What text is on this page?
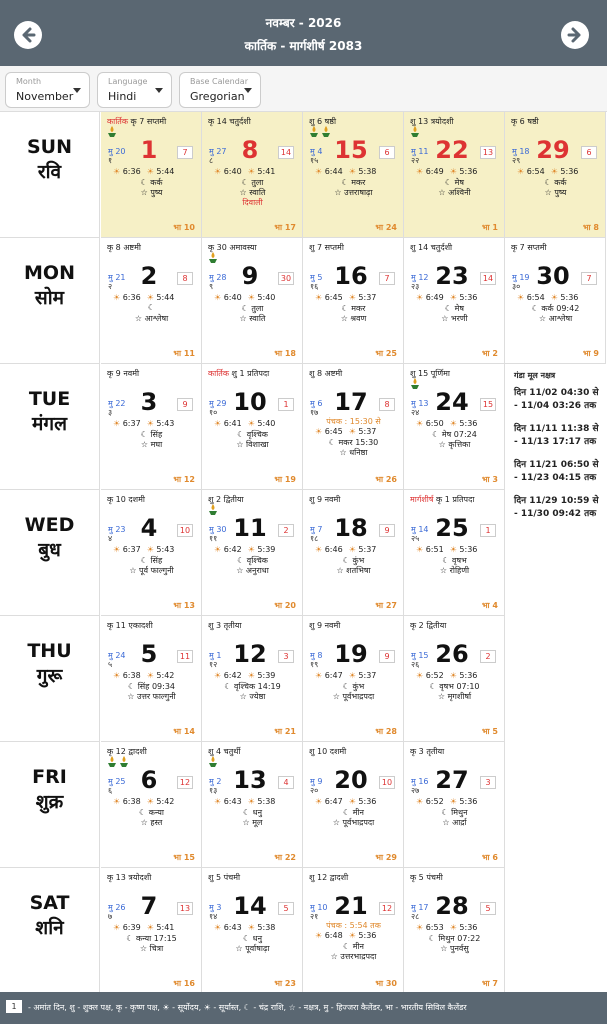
नवम्बर - 2026
कार्तिक - मार्गशीर्ष 2083
Month
November
Language
Hindi
Base Calendar
Gregorian
SUN
रवि
MON
सोम
TUE
मंगल
WED
बुध
THU
गुरू
FRI
शुक्र
SAT
शनि
कार्तिक कृ 7 सप्तमी
मु 20
१	1	7
☀ 6:36 ☀ 5:44
☾ कर्क
☆ पुष्य
भा 10
कृ 14 चतुर्दशी
मु 27
८	8	14
☀ 6:40 ☀ 5:41
☾ तुला
☆ स्वाति
दिवाली
भा 17
शु 6 षष्ठी
मु 4
१५ 15	6
☀ 6:44 ☀ 5:38
☾ मकर
☆ उत्तराषाढ़ा
भा 24
शु 13 त्रयोदशी
मु 11
२२ 22	13
☀ 6:49 ☀ 5:36
☾ मेष
☆ अश्विनी
भा 1
कृ 6 षष्ठी
मु 18
२९ 29	6
☀ 6:54 ☀ 5:36
☾ कर्क
☆ पुष्य
भा 8
कृ 8 अष्टमी
मु 21
२	2	8
☀ 6:36 ☀ 5:44
☾
☆ आश्लेषा
भा 11
कृ 30 अमावस्या
मु 28
९	9	30
☀ 6:40 ☀ 5:40
☾ तुला
☆ स्वाति
भा 18
शु 7 सप्तमी
मु 5
१६ 16	7
☀ 6:45 ☀ 5:37
☾ मकर
☆ श्रवण
भा 25
शु 14 चतुर्दशी
मु 12
२३ 23	14
☀ 6:49 ☀ 5:36
☾ मेष
☆ भरणी
भा 2
कृ 7 सप्तमी
मु 19
३० 30	7
☀ 6:54 ☀ 5:36
☾ कर्क 09:42
☆ आश्लेषा
भा 9
कृ 9 नवमी
मु 22
३	3	9
☀ 6:37 ☀ 5:43
☾ सिंह
☆ मघा
भा 12
कार्तिक शु 1 प्रतिपदा
मु 29
१० 10	1
☀ 6:41 ☀ 5:40
☾ वृश्चिक
☆ विशाखा
भा 19
शु 8 अष्टमी
मु 6
१७ 17	8
पंचक : 15:30 से
☀ 6:45 ☀ 5:37
☾ मकर 15:30
☆ धनिष्ठा
भा 26
शु 15 पूर्णिमा
मु 13
२४ 24	15
☀ 6:50 ☀ 5:36
☾ मेष 07:24
☆ कृत्तिका
भा 3
कृ 10 दशमी
मु 23
४	4	10
☀ 6:37 ☀ 5:43
☾ सिंह
☆ पूर्व फाल्गुनी
भा 13
शु 2 द्वितीया
मु 30
११ 11	2
☀ 6:42 ☀ 5:39
☾ वृश्चिक
☆ अनुराधा
भा 20
शु 9 नवमी
मु 7
१८ 18	9
☀ 6:46 ☀ 5:37
☾ कुंभ
☆ शतभिषा
भा 27
मार्गशीर्ष कृ 1 प्रतिपदा
मु 14
२५ 25	1
☀ 6:51 ☀ 5:36
☾ वृषभ
☆ रोहिणी
भा 4
कृ 11 एकादशी
मु 24
५	5	11
☀ 6:38 ☀ 5:42
☾ सिंह 09:34
☆ उत्तर फाल्गुनी
भा 14
शु 3 तृतीया
मु 1
१२ 12	3
☀ 6:42 ☀ 5:39
☾ वृश्चिक 14:19
☆ ज्येष्ठा
भा 21
शु 9 नवमी
मु 8
१९ 19	9
☀ 6:47 ☀ 5:37
☾ कुंभ
☆ पूर्वभाद्रपदा
भा 28
कृ 2 द्वितीया
मु 15
२६ 26	2
☀ 6:52 ☀ 5:36
☾ वृषभ 07:10
☆ मृगशीर्षा
भा 5
कृ 12 द्वादशी
मु 25
६	6	12
☀ 6:38 ☀ 5:42
☾ कन्या
☆ हस्त
भा 15
शु 4 चतुर्थी
मु 2
१३ 13	4
☀ 6:43 ☀ 5:38
☾ धनु
☆ मूल
भा 22
शु 10 दशमी
मु 9
२० 20	10
☀ 6:47 ☀ 5:36
☾ मीन
☆ पूर्वभाद्रपदा
भा 29
कृ 3 तृतीया
मु 16
२७ 27	3
☀ 6:52 ☀ 5:36
☾ मिथुन
☆ आर्द्रा
भा 6
कृ 13 त्रयोदशी
मु 26
७	7	13
☀ 6:39 ☀ 5:41
☾ कन्या 17:15
☆ चित्रा
भा 16
शु 5 पंचमी
मु 3
१४ 14	5
☀ 6:43 ☀ 5:38
☾ धनु
☆ पूर्वाषाढ़ा
भा 23
शु 12 द्वादशी
मु 10
२१ 21	12
पंचक : 5:54 तक
☀ 6:48 ☀ 5:36
☾ मीन
☆ उत्तरभाद्रपदा
भा 30
कृ 5 पंचमी
मु 17
२८ 28	5
☀ 6:53 ☀ 5:36
☾ मिथुन 07:22
☆ पुनर्वसु
भा 7
गंडा मूल नक्षत्र
दिन 11/02 04:30 से - 11/04 03:26 तक
दिन 11/11 11:38 से - 11/13 17:17 तक
दिन 11/21 06:50 से - 11/23 04:15 तक
दिन 11/29 10:59 से - 11/30 09:42 तक
1	- अमांत दिन, शु - शुक्ल पक्ष, कृ - कृष्ण पक्ष, ☀ - सूर्योदय, ☀ - सूर्यास्त, ☾ - चंद्र राशि, ☆ - नक्षत्र, मु - हिज्जरा कैलेंडर, भा - भारतीय सिविल कैलेंडर
